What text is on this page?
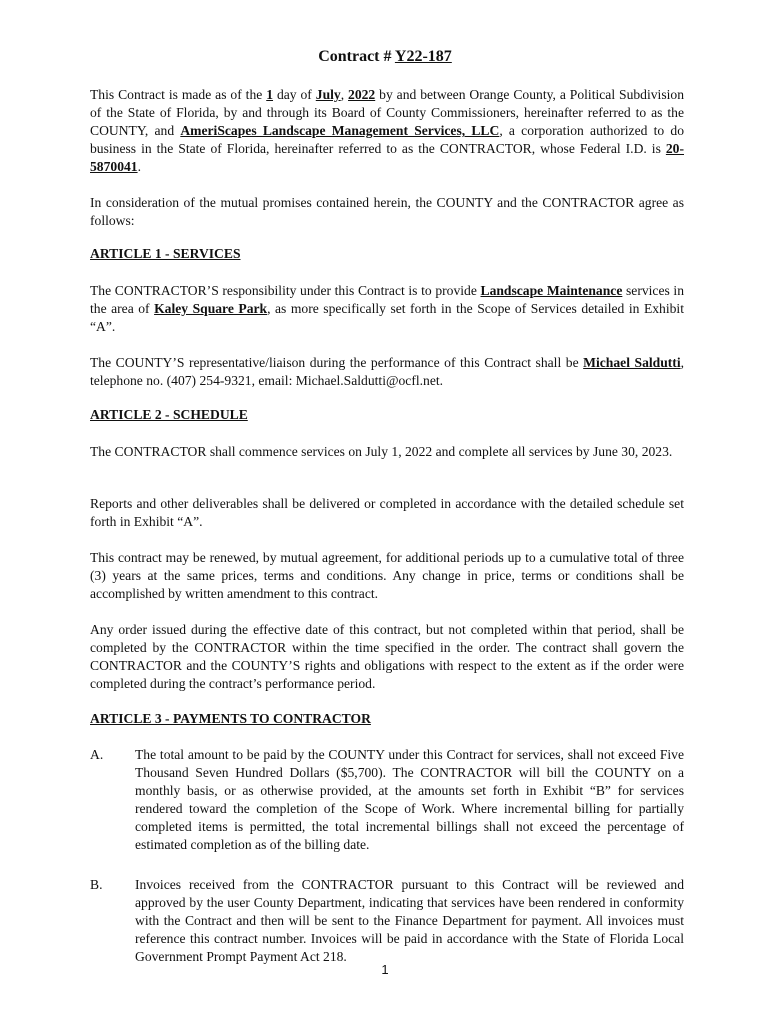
Contract # Y22-187

This Contract is made as of the 1 day of July, 2022 by and between Orange County, a Political Subdivision of the State of Florida, by and through its Board of County Commissioners, hereinafter referred to as the COUNTY, and AmeriScapes Landscape Management Services, LLC, a corporation authorized to do business in the State of Florida, hereinafter referred to as the CONTRACTOR, whose Federal I.D. is 20-5870041.

In consideration of the mutual promises contained herein, the COUNTY and the CONTRACTOR agree as follows:

ARTICLE 1 - SERVICES

The CONTRACTOR’S responsibility under this Contract is to provide Landscape Maintenance services in the area of Kaley Square Park, as more specifically set forth in the Scope of Services detailed in Exhibit “A”.

The COUNTY’S representative/liaison during the performance of this Contract shall be Michael Saldutti, telephone no. (407) 254-9321, email: Michael.Saldutti@ocfl.net.

ARTICLE 2 - SCHEDULE

The CONTRACTOR shall commence services on July 1, 2022 and complete all services by June 30, 2023.

Reports and other deliverables shall be delivered or completed in accordance with the detailed schedule set forth in Exhibit “A”.

This contract may be renewed, by mutual agreement, for additional periods up to a cumulative total of three (3) years at the same prices, terms and conditions. Any change in price, terms or conditions shall be accomplished by written amendment to this contract.

Any order issued during the effective date of this contract, but not completed within that period, shall be completed by the CONTRACTOR within the time specified in the order. The contract shall govern the CONTRACTOR and the COUNTY’S rights and obligations with respect to the extent as if the order were completed during the contract’s performance period.

ARTICLE 3 - PAYMENTS TO CONTRACTOR
A. The total amount to be paid by the COUNTY under this Contract for services, shall not exceed Five Thousand Seven Hundred Dollars ($5,700). The CONTRACTOR will bill the COUNTY on a monthly basis, or as otherwise provided, at the amounts set forth in Exhibit “B” for services rendered toward the completion of the Scope of Work. Where incremental billing for partially completed items is permitted, the total incremental billings shall not exceed the percentage of estimated completion as of the billing date.

B. Invoices received from the CONTRACTOR pursuant to this Contract will be reviewed and approved by the user County Department, indicating that services have been rendered in conformity with the Contract and then will be sent to the Finance Department for payment. All invoices must reference this contract number. Invoices will be paid in accordance with the State of Florida Local Government Prompt Payment Act 218.

1
